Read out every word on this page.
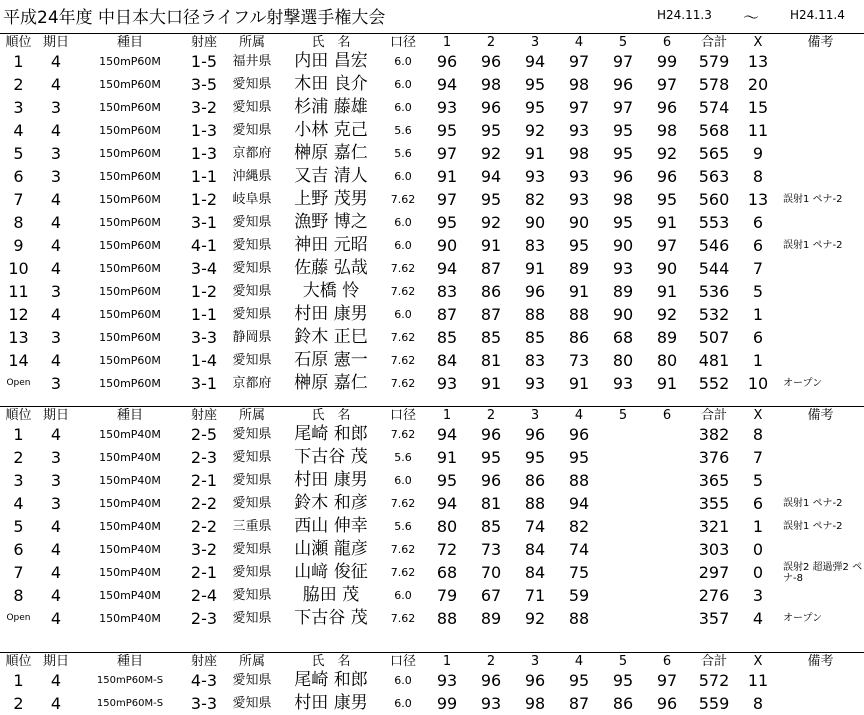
平成24年度 中日本大口径ライフル射撃選手権大会	H24.11.3 ～	H24.11.4
順位	期日	種目	射座	所属	氏　名	口径	1	2	3	4	5	6	合計	X	備考
1	4	150mP60M	1-5	福井県	内田 昌宏	6.0	96	96	94	97	97	99	579	13	
2	4	150mP60M	3-5	愛知県	木田 良介	6.0	94	98	95	98	96	97	578	20	
3	3	150mP60M	3-2	愛知県	杉浦 藤雄	6.0	93	96	95	97	97	96	574	15	
4	4	150mP60M	1-3	愛知県	小林 克己	5.6	95	95	92	93	95	98	568	11	
5	3	150mP60M	1-3	京都府	榊原 嘉仁	5.6	97	92	91	98	95	92	565	9	
6	3	150mP60M	1-1	沖縄県	又吉 清人	6.0	91	94	93	93	96	96	563	8	
7	4	150mP60M	1-2	岐阜県	上野 茂男	7.62	97	95	82	93	98	95	560	13	誤射1 ペナ-2
8	4	150mP60M	3-1	愛知県	漁野 博之	6.0	95	92	90	90	95	91	553	6	
9	4	150mP60M	4-1	愛知県	神田 元昭	6.0	90	91	83	95	90	97	546	6	誤射1 ペナ-2
10	4	150mP60M	3-4	愛知県	佐藤 弘哉	7.62	94	87	91	89	93	90	544	7	
11	3	150mP60M	1-2	愛知県	大橋 怜	7.62	83	86	96	91	89	91	536	5	
12	4	150mP60M	1-1	愛知県	村田 康男	6.0	87	87	88	88	90	92	532	1	
13	3	150mP60M	3-3	静岡県	鈴木 正巳	7.62	85	85	85	86	68	89	507	6	
14	4	150mP60M	1-4	愛知県	石原 憲一	7.62	84	81	83	73	80	80	481	1	
Open	3	150mP60M	3-1	京都府	榊原 嘉仁	7.62	93	91	93	91	93	91	552	10	オープン
順位	期日	種目	射座	所属	氏　名	口径	1	2	3	4	5	6	合計	X	備考
1	4	150mP40M	2-5	愛知県	尾崎 和郎	7.62	94	96	96	96			382	8	
2	3	150mP40M	2-3	愛知県	下古谷 茂	5.6	91	95	95	95			376	7	
3	3	150mP40M	2-1	愛知県	村田 康男	6.0	95	96	86	88			365	5	
4	3	150mP40M	2-2	愛知県	鈴木 和彦	7.62	94	81	88	94			355	6	誤射1 ペナ-2
5	4	150mP40M	2-2	三重県	西山 伸幸	5.6	80	85	74	82			321	1	誤射1 ペナ-2
6	4	150mP40M	3-2	愛知県	山瀬 龍彦	7.62	72	73	84	74			303	0	
7	4	150mP40M	2-1	愛知県	山﨑 俊征	7.62	68	70	84	75			297	0	誤射2 超過弾2 ペナ-8
8	4	150mP40M	2-4	愛知県	脇田 茂	6.0	79	67	71	59			276	3	
Open	4	150mP40M	2-3	愛知県	下古谷 茂	7.62	88	89	92	88			357	4	オープン
順位	期日	種目	射座	所属	氏　名	口径	1	2	3	4	5	6	合計	X	備考
1	4	150mP60M-S	4-3	愛知県	尾崎 和郎	6.0	93	96	96	95	95	97	572	11	
2	4	150mP60M-S	3-3	愛知県	村田 康男	6.0	99	93	98	87	86	96	559	8	
